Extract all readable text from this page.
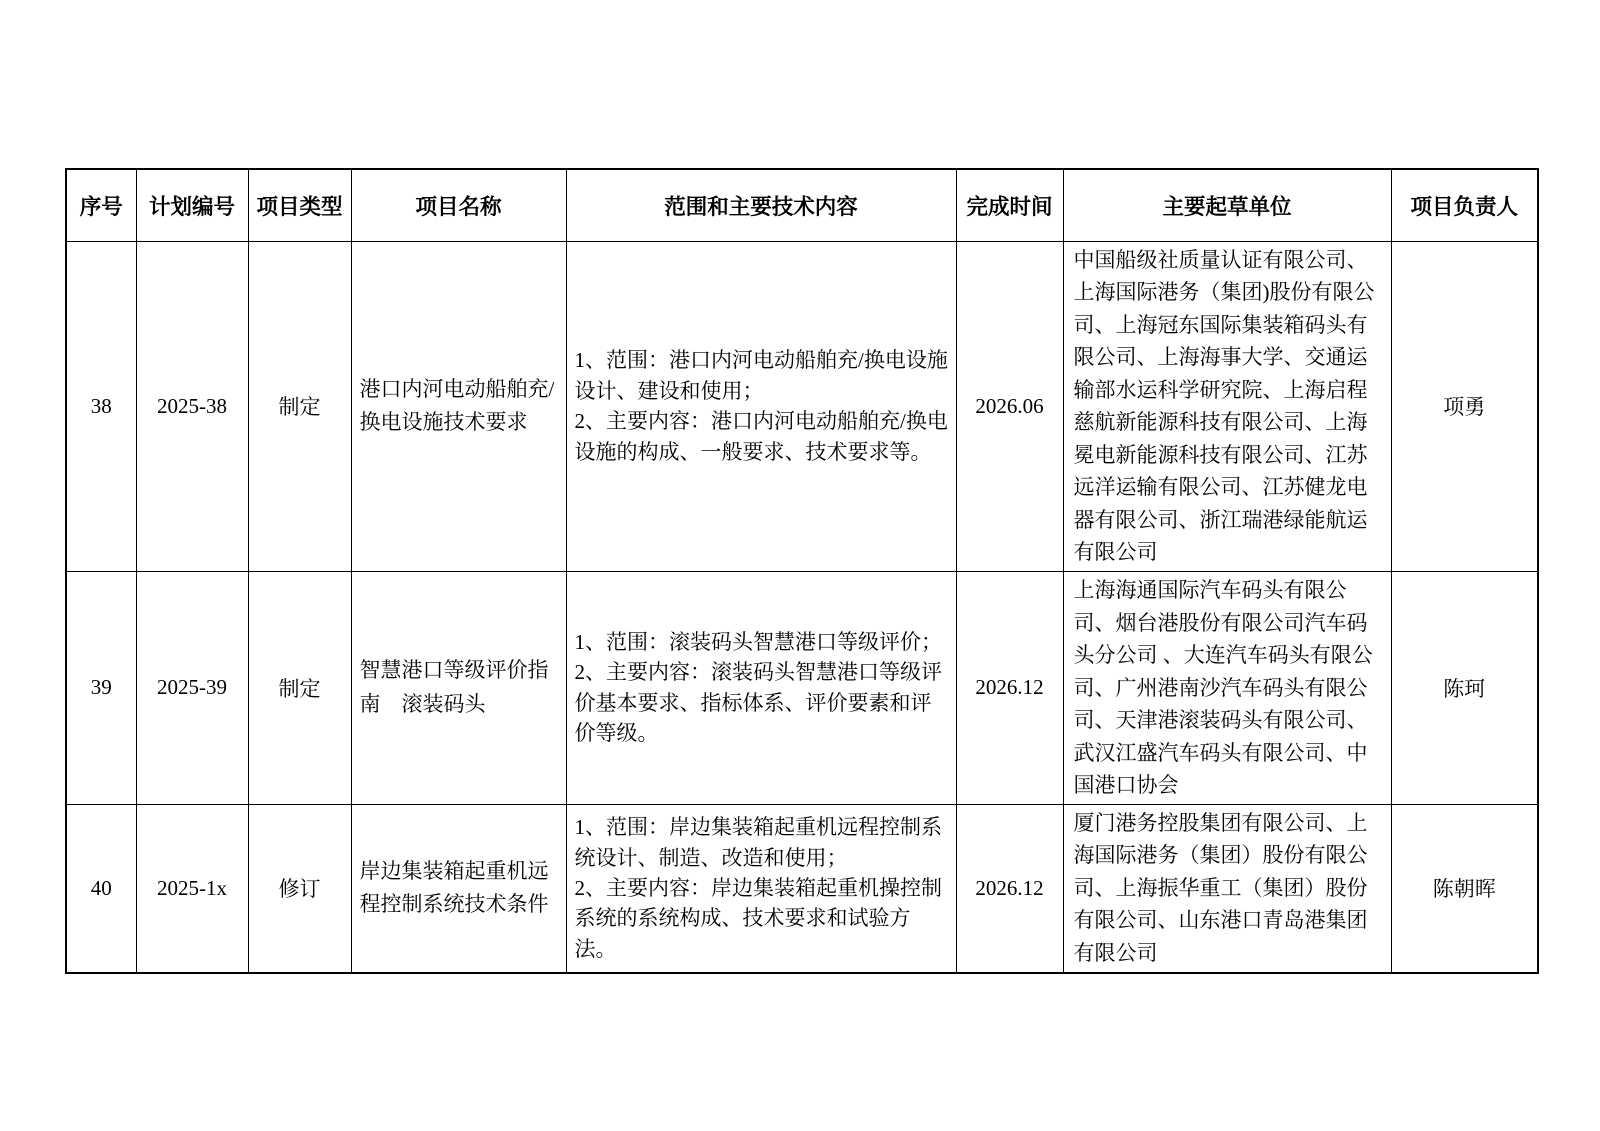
序号	计划编号	项目类型	项目名称	范围和主要技术内容	完成时间	主要起草单位	项目负责人
38	2025-38	制定	港口内河电动船舶充/换电设施技术要求	1、范围：港口内河电动船舶充/换电设施设计、建设和使用；
2、主要内容：港口内河电动船舶充/换电设施的构成、一般要求、技术要求等。	2026.06	中国船级社质量认证有限公司、上海国际港务（集团)股份有限公司、上海冠东国际集装箱码头有限公司、上海海事大学、交通运输部水运科学研究院、上海启程慈航新能源科技有限公司、上海冕电新能源科技有限公司、江苏远洋运输有限公司、江苏健龙电器有限公司、浙江瑞港绿能航运有限公司	项勇
39	2025-39	制定	智慧港口等级评价指南　滚装码头	1、范围：滚装码头智慧港口等级评价；
2、主要内容：滚装码头智慧港口等级评价基本要求、指标体系、评价要素和评价等级。	2026.12	上海海通国际汽车码头有限公司、烟台港股份有限公司汽车码头分公司 、大连汽车码头有限公司、广州港南沙汽车码头有限公司、天津港滚装码头有限公司、武汉江盛汽车码头有限公司、中国港口协会	陈珂
40	2025-1x	修订	岸边集装箱起重机远程控制系统技术条件	1、范围：岸边集装箱起重机远程控制系统设计、制造、改造和使用；
2、主要内容：岸边集装箱起重机操控制系统的系统构成、技术要求和试验方法。	2026.12	厦门港务控股集团有限公司、上海国际港务（集团）股份有限公司、上海振华重工（集团）股份有限公司、山东港口青岛港集团有限公司	陈朝晖
